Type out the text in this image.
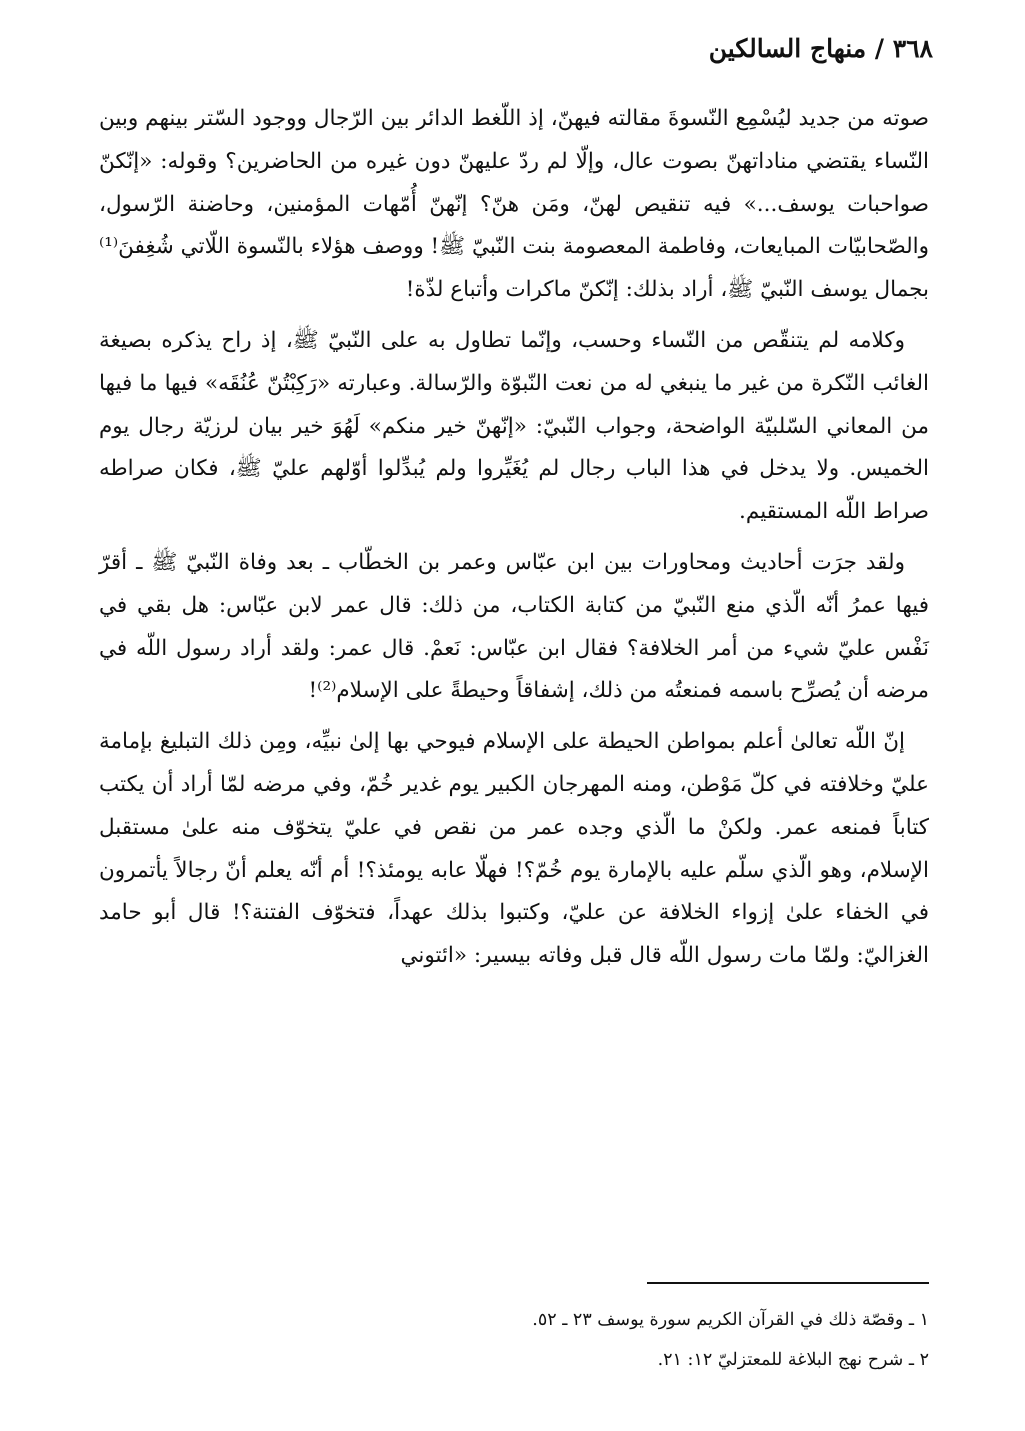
٣٦٨ / منهاج السالكين

صوته من جديد ليُسْمِع النّسوةَ مقالته فيهنّ، إذ اللّغط الدائر بين الرّجال ووجود السّتر بينهم وبين النّساء يقتضي مناداتهنّ بصوت عال، وإلّا لم ردّ عليهنّ دون غيره من الحاضرين؟ وقوله: «إنّكنّ صواحبات يوسف...» فيه تنقيص لهنّ، ومَن هنّ؟ إنّهنّ أُمّهات المؤمنين، وحاضنة الرّسول، والصّحابيّات المبايعات، وفاطمة المعصومة بنت النّبيّ ﷺ! ووصف هؤلاء بالنّسوة اللّاتي شُغِفنَ⁽¹⁾ بجمال يوسف النّبيّ ﷺ، أراد بذلك: إنّكنّ ماكرات وأتباع لذّة!

وكلامه لم يتنقّص من النّساء وحسب، وإنّما تطاول به على النّبيّ ﷺ، إذ راح يذكره بصيغة الغائب النّكرة من غير ما ينبغي له من نعت النّبوّة والرّسالة. وعبارته «رَكِبْتُنّ عُنُقَه» فيها ما فيها من المعاني السّلبيّة الواضحة، وجواب النّبيّ: «إنّهنّ خير منكم» لَهُوَ خير بيان لرزيّة رجال يوم الخميس. ولا يدخل في هذا الباب رجال لم يُغَيِّروا ولم يُبدِّلوا أوّلهم عليّ ﷺ، فكان صراطه صراط اللّه المستقيم.

ولقد جرَت أحاديث ومحاورات بين ابن عبّاس وعمر بن الخطّاب ـ بعد وفاة النّبيّ ﷺ ـ أقرّ فيها عمرُ أنّه الّذي منع النّبيّ من كتابة الكتاب، من ذلك: قال عمر لابن عبّاس: هل بقي في نَفْس عليّ شيء من أمر الخلافة؟ فقال ابن عبّاس: نَعمْ. قال عمر: ولقد أراد رسول اللّه في مرضه أن يُصرِّح باسمه فمنعتُه من ذلك، إشفاقاً وحيطةً على الإسلام⁽²⁾!

إنّ اللّه تعالىٰ أعلم بمواطن الحيطة على الإسلام فيوحي بها إلىٰ نبيِّه، ومِن ذلك التبليغ بإمامة عليّ وخلافته في كلّ مَوْطن، ومنه المهرجان الكبير يوم غدير خُمّ، وفي مرضه لمّا أراد أن يكتب كتاباً فمنعه عمر. ولكنْ ما الّذي وجده عمر من نقص في عليّ يتخوّف منه علىٰ مستقبل الإسلام، وهو الّذي سلّم عليه بالإمارة يوم خُمّ؟! فهلّا عابه يومئذ؟! أم أنّه يعلم أنّ رجالاً يأتمرون في الخفاء علىٰ إزواء الخلافة عن عليّ، وكتبوا بذلك عهداً، فتخوّف الفتنة؟! قال أبو حامد الغزاليّ: ولمّا مات رسول اللّه قال قبل وفاته بيسير: «ائتوني

١ ـ وقصّة ذلك في القرآن الكريم سورة يوسف ٢٣ ـ ٥٢.
٢ ـ شرح نهج البلاغة للمعتزليّ ١٢: ٢١.
